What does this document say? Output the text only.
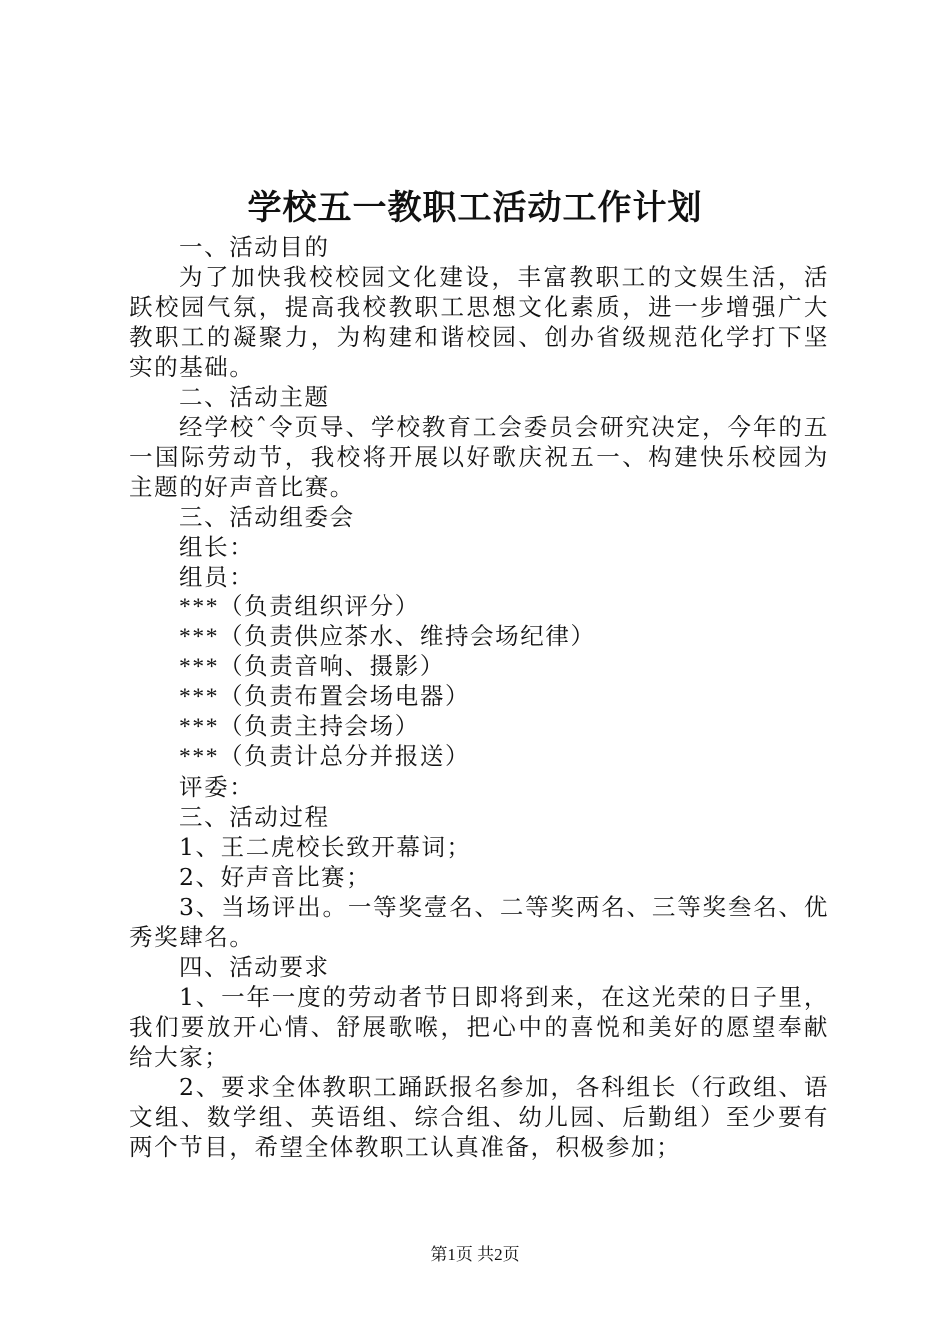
学校五一教职工活动工作计划

一、活动目的

为了加快我校校园文化建设，丰富教职工的文娱生活，活跃校园气氛，提高我校教职工思想文化素质，进一步增强广大教职工的凝聚力，为构建和谐校园、创办省级规范化学打下坚实的基础。

二、活动主题

经学校ˆ令页导、学校教育工会委员会研究决定，今年的五一国际劳动节，我校将开展以好歌庆祝五一、构建快乐校园为主题的好声音比赛。

三、活动组委会

组长：

组员：

***（负责组织评分）

***（负责供应茶水、维持会场纪律）

***（负责音响、摄影）

***（负责布置会场电器）

***（负责主持会场）

***（负责计总分并报送）

评委：

三、活动过程

1、王二虎校长致开幕词；

2、好声音比赛；

3、当场评出。一等奖壹名、二等奖两名、三等奖叁名、优秀奖肆名。

四、活动要求

1、一年一度的劳动者节日即将到来，在这光荣的日子里，我们要放开心情、舒展歌喉，把心中的喜悦和美好的愿望奉献给大家；

2、要求全体教职工踊跃报名参加，各科组长（行政组、语文组、数学组、英语组、综合组、幼儿园、后勤组）至少要有两个节目，希望全体教职工认真准备，积极参加；

第1页 共2页
